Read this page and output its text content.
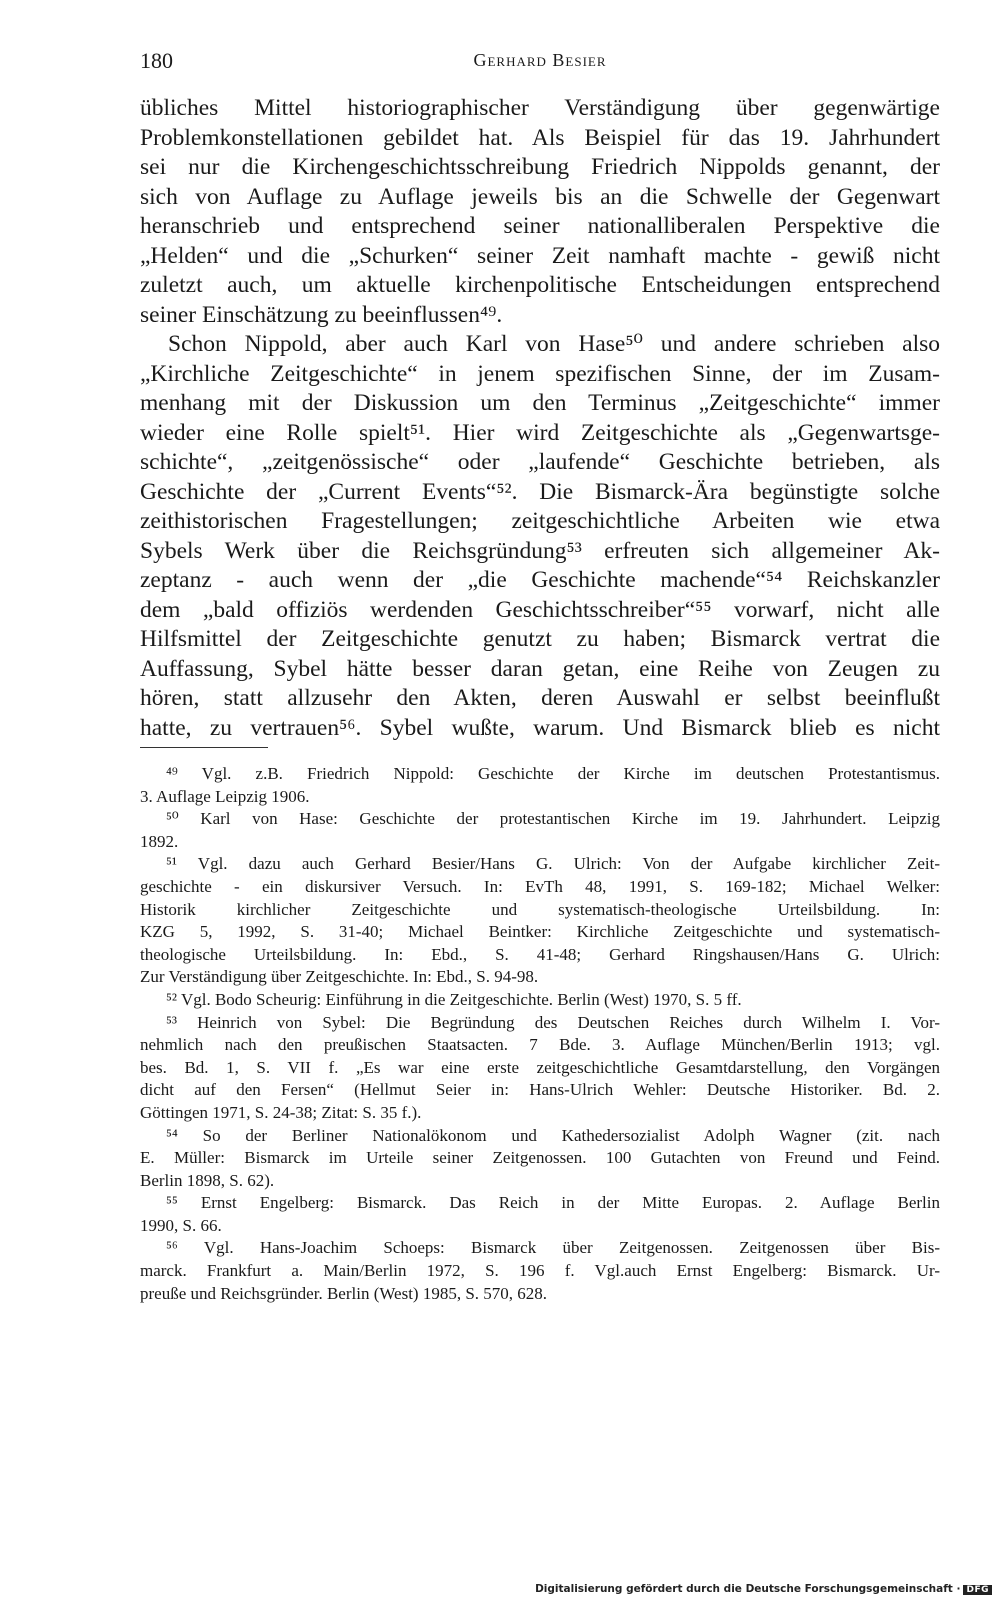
180	Gerhard Besier
übliches Mittel historiographischer Verständigung über gegenwärtige
Problemkonstellationen gebildet hat. Als Beispiel für das 19. Jahrhundert
sei nur die Kirchengeschichtsschreibung Friedrich Nippolds genannt, der
sich von Auflage zu Auflage jeweils bis an die Schwelle der Gegenwart
heranschrieb und entsprechend seiner nationalliberalen Perspektive die
„Helden“ und die „Schurken“ seiner Zeit namhaft machte - gewiß nicht
zuletzt auch, um aktuelle kirchenpolitische Entscheidungen entsprechend
seiner Einschätzung zu beeinflussen⁴⁹.
Schon Nippold, aber auch Karl von Hase⁵⁰ und andere schrieben also
„Kirchliche Zeitgeschichte“ in jenem spezifischen Sinne, der im Zusam-
menhang mit der Diskussion um den Terminus „Zeitgeschichte“ immer
wieder eine Rolle spielt⁵¹. Hier wird Zeitgeschichte als „Gegenwartsge-
schichte“, „zeitgenössische“ oder „laufende“ Geschichte betrieben, als
Geschichte der „Current Events“⁵². Die Bismarck-Ära begünstigte solche
zeithistorischen Fragestellungen; zeitgeschichtliche Arbeiten wie etwa
Sybels Werk über die Reichsgründung⁵³ erfreuten sich allgemeiner Ak-
zeptanz - auch wenn der „die Geschichte machende“⁵⁴ Reichskanzler
dem „bald offiziös werdenden Geschichtsschreiber“⁵⁵ vorwarf, nicht alle
Hilfsmittel der Zeitgeschichte genutzt zu haben; Bismarck vertrat die
Auffassung, Sybel hätte besser daran getan, eine Reihe von Zeugen zu
hören, statt allzusehr den Akten, deren Auswahl er selbst beeinflußt
hatte, zu vertrauen⁵⁶. Sybel wußte, warum. Und Bismarck blieb es nicht
⁴⁹ Vgl. z.B. Friedrich Nippold: Geschichte der Kirche im deutschen Protestantismus.
3. Auflage Leipzig 1906.
⁵⁰ Karl von Hase: Geschichte der protestantischen Kirche im 19. Jahrhundert. Leipzig
1892.
⁵¹ Vgl. dazu auch Gerhard Besier/Hans G. Ulrich: Von der Aufgabe kirchlicher Zeit-
geschichte - ein diskursiver Versuch. In: EvTh 48, 1991, S. 169-182; Michael Welker:
Historik kirchlicher Zeitgeschichte und systematisch-theologische Urteilsbildung. In:
KZG 5, 1992, S. 31-40; Michael Beintker: Kirchliche Zeitgeschichte und systematisch-
theologische Urteilsbildung. In: Ebd., S. 41-48; Gerhard Ringshausen/Hans G. Ulrich:
Zur Verständigung über Zeitgeschichte. In: Ebd., S. 94-98.
⁵² Vgl. Bodo Scheurig: Einführung in die Zeitgeschichte. Berlin (West) 1970, S. 5 ff.
⁵³ Heinrich von Sybel: Die Begründung des Deutschen Reiches durch Wilhelm I. Vor-
nehmlich nach den preußischen Staatsacten. 7 Bde. 3. Auflage München/Berlin 1913; vgl.
bes. Bd. 1, S. VII f. „Es war eine erste zeitgeschichtliche Gesamtdarstellung, den Vorgängen
dicht auf den Fersen“ (Hellmut Seier in: Hans-Ulrich Wehler: Deutsche Historiker. Bd. 2.
Göttingen 1971, S. 24-38; Zitat: S. 35 f.).
⁵⁴ So der Berliner Nationalökonom und Kathedersozialist Adolph Wagner (zit. nach
E. Müller: Bismarck im Urteile seiner Zeitgenossen. 100 Gutachten von Freund und Feind.
Berlin 1898, S. 62).
⁵⁵ Ernst Engelberg: Bismarck. Das Reich in der Mitte Europas. 2. Auflage Berlin
1990, S. 66.
⁵⁶ Vgl. Hans-Joachim Schoeps: Bismarck über Zeitgenossen. Zeitgenossen über Bis-
marck. Frankfurt a. Main/Berlin 1972, S. 196 f. Vgl.auch Ernst Engelberg: Bismarck. Ur-
preuße und Reichsgründer. Berlin (West) 1985, S. 570, 628.
Digitalisierung gefördert durch die Deutsche Forschungsgemeinschaft · DFG
